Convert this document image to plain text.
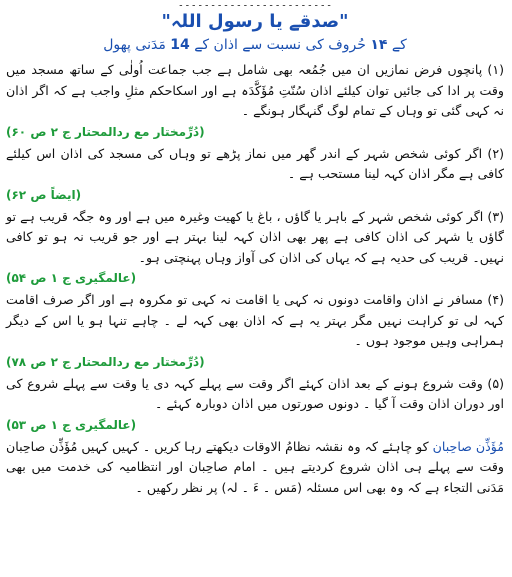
۔۔۔۔۔۔۔۔۔۔۔۔۔۔۔۔۔۔۔۔۔۔۔۔
"صدقے یا رسول اللہ"
کے ۱۴ حُروف کی نسبت سے اذان کے 14 مَدَنی پھول

(۱) پانچوں فرض نمازیں ان میں جُمُعہ بھی شامل ہے جب جماعت اُولٰی کے ساتھ مسجد میں وقت پر ادا کی جائیں توان کیلئے اذان سُنّتِ مُؤَکَّدَہ ہے اور اسکاحکم مثلِ واجب ہے کہ اگر اذان نہ کہی گئی تو وہاں کے تمام لوگ گنہگار ہونگے ۔

(دُرِّمختار مع ردالمحتار ج ۲ ص ۶۰)

(۲) اگر کوئی شخص شہر کے اندر گھر میں نماز پڑھے تو وہاں کی مسجد کی اذان اس کیلئے کافی ہے مگر اذان کہہ لینا مستحب ہے ۔

(ایضاً ص ۶۲)

(۳) اگر کوئی شخص شہر کے باہر یا گاؤں ، باغ یا کھیت وغیرہ میں ہے اور وہ جگہ قریب ہے تو گاؤں یا شہر کی اذان کافی ہے پھر بھی اذان کہہ لینا بہتر ہے اور جو قریب نہ ہو تو کافی نہیں۔ قریب کی حدیہ ہے کہ یہاں کی اذان کی آواز وہاں پہنچتی ہو۔

(عالمگیری ج ۱ ص ۵۴)

(۴) مسافر نے اذان واقامت دونوں نہ کہی یا اقامت نہ کہی تو مکروہ ہے اور اگر صرف اقامت کہہ لی تو کراہت نہیں مگر بہتر یہ ہے کہ اذان بھی کہہ لے ۔ چاہے تنہا ہو یا اس کے دیگر ہمراہی وہیں موجود ہوں ۔

(دُرِّمختار مع ردالمحتار ج ۲ ص ۷۸)

(۵) وقت شروع ہونے کے بعد اذان کہئے اگر وقت سے پہلے کہہ دی یا وقت سے پہلے شروع کی اور دوران اذان وقت آ گیا ۔ دونوں صورتوں میں اذان دوبارہ کہئے ۔

(عالمگیری ج ۱ ص ۵۳)

مُؤَذِّن صاحِبان کو چاہئے کہ وہ نقشہ نظامُ الاوقات دیکھتے رہا کریں ۔ کہیں کہیں مُؤَذِّن صاحِبان وقت سے پہلے ہی اذان شروع کردیتے ہیں ۔ امام صاحِبان اور انتظامیہ کی خدمت میں بھی مَدَنی التجاء ہے کہ وہ بھی اس مسئلہ (مَس ۔ ءَ ۔ لہ) پر نظر رکھیں ۔
